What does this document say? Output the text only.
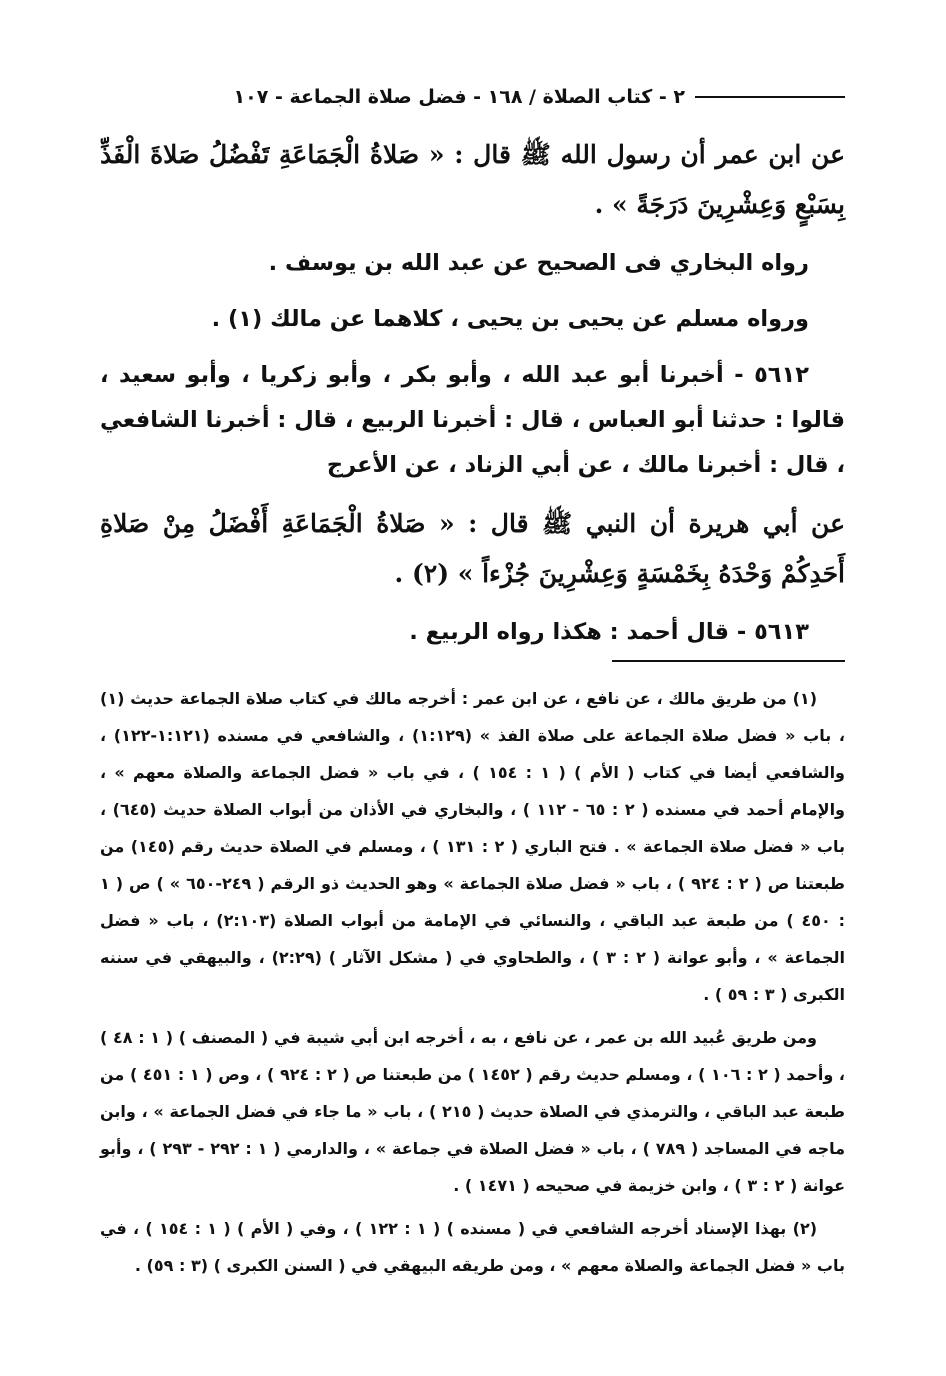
٢ - كتاب الصلاة / ١٦٨ - فضل صلاة الجماعة - ١٠٧

عن ابن عمر أن رسول الله ﷺ قال : « صَلاةُ الْجَمَاعَةِ تَفْضُلُ صَلاةَ الْفَذِّ بِسَبْعٍ وَعِشْرِينَ دَرَجَةً » .

رواه البخاري فى الصحيح عن عبد الله بن يوسف .

ورواه مسلم عن يحيى بن يحيى ، كلاهما عن مالك (١) .

٥٦١٢ - أخبرنا أبو عبد الله ، وأبو بكر ، وأبو زكريا ، وأبو سعيد ، قالوا : حدثنا أبو العباس ، قال : أخبرنا الربيع ، قال : أخبرنا الشافعي ، قال : أخبرنا مالك ، عن أبي الزناد ، عن الأعرج

عن أبي هريرة أن النبي ﷺ قال : « صَلاةُ الْجَمَاعَةِ أَفْضَلُ مِنْ صَلاةِ أَحَدِكُمْ وَحْدَهُ بِخَمْسَةٍ وَعِشْرِينَ جُزْءاً » (٢) .

٥٦١٣ - قال أحمد : هكذا رواه الربيع .

(١) من طريق مالك ، عن نافع ، عن ابن عمر : أخرجه مالك في كتاب صلاة الجماعة حديث (١) ، باب « فضل صلاة الجماعة على صلاة الفذ » (١:١٢٩) ، والشافعي في مسنده (١:١٢١-١٢٢) ، والشافعي أيضا في كتاب ( الأم ) ( ١ : ١٥٤ ) ، في باب « فضل الجماعة والصلاة معهم » ، والإمام أحمد في مسنده ( ٢ : ٦٥ - ١١٢ ) ، والبخاري في الأذان من أبواب الصلاة حديث (٦٤٥) ، باب « فضل صلاة الجماعة » . فتح الباري ( ٢ : ١٣١ ) ، ومسلم في الصلاة حديث رقم (١٤٥) من طبعتنا ص ( ٢ : ٩٢٤ ) ، باب « فضل صلاة الجماعة » وهو الحديث ذو الرقم ( ٢٤٩-٦٥٠ » ) ص ( ١ : ٤٥٠ ) من طبعة عبد الباقي ، والنسائي في الإمامة من أبواب الصلاة (٢:١٠٣) ، باب « فضل الجماعة » ، وأبو عوانة ( ٢ : ٣ ) ، والطحاوي في ( مشكل الآثار ) (٢:٢٩) ، والبيهقي في سننه الكبرى ( ٣ : ٥٩ ) .

ومن طريق عُبيد الله بن عمر ، عن نافع ، به ، أخرجه ابن أبي شيبة في ( المصنف ) ( ١ : ٤٨ ) ، وأحمد ( ٢ : ١٠٦ ) ، ومسلم حديث رقم ( ١٤٥٢ ) من طبعتنا ص ( ٢ : ٩٢٤ ) ، وص ( ١ : ٤٥١ ) من طبعة عبد الباقي ، والترمذي في الصلاة حديث ( ٢١٥ ) ، باب « ما جاء في فضل الجماعة » ، وابن ماجه في المساجد ( ٧٨٩ ) ، باب « فضل الصلاة في جماعة » ، والدارمي ( ١ : ٢٩٢ - ٢٩٣ ) ، وأبو عوانة ( ٢ : ٣ ) ، وابن خزيمة في صحيحه ( ١٤٧١ ) .

(٢) بهذا الإسناد أخرجه الشافعي في ( مسنده ) ( ١ : ١٢٢ ) ، وفي ( الأم ) ( ١ : ١٥٤ ) ، في باب « فضل الجماعة والصلاة معهم » ، ومن طريقه البيهقي في ( السنن الكبرى ) (٣ : ٥٩) .
